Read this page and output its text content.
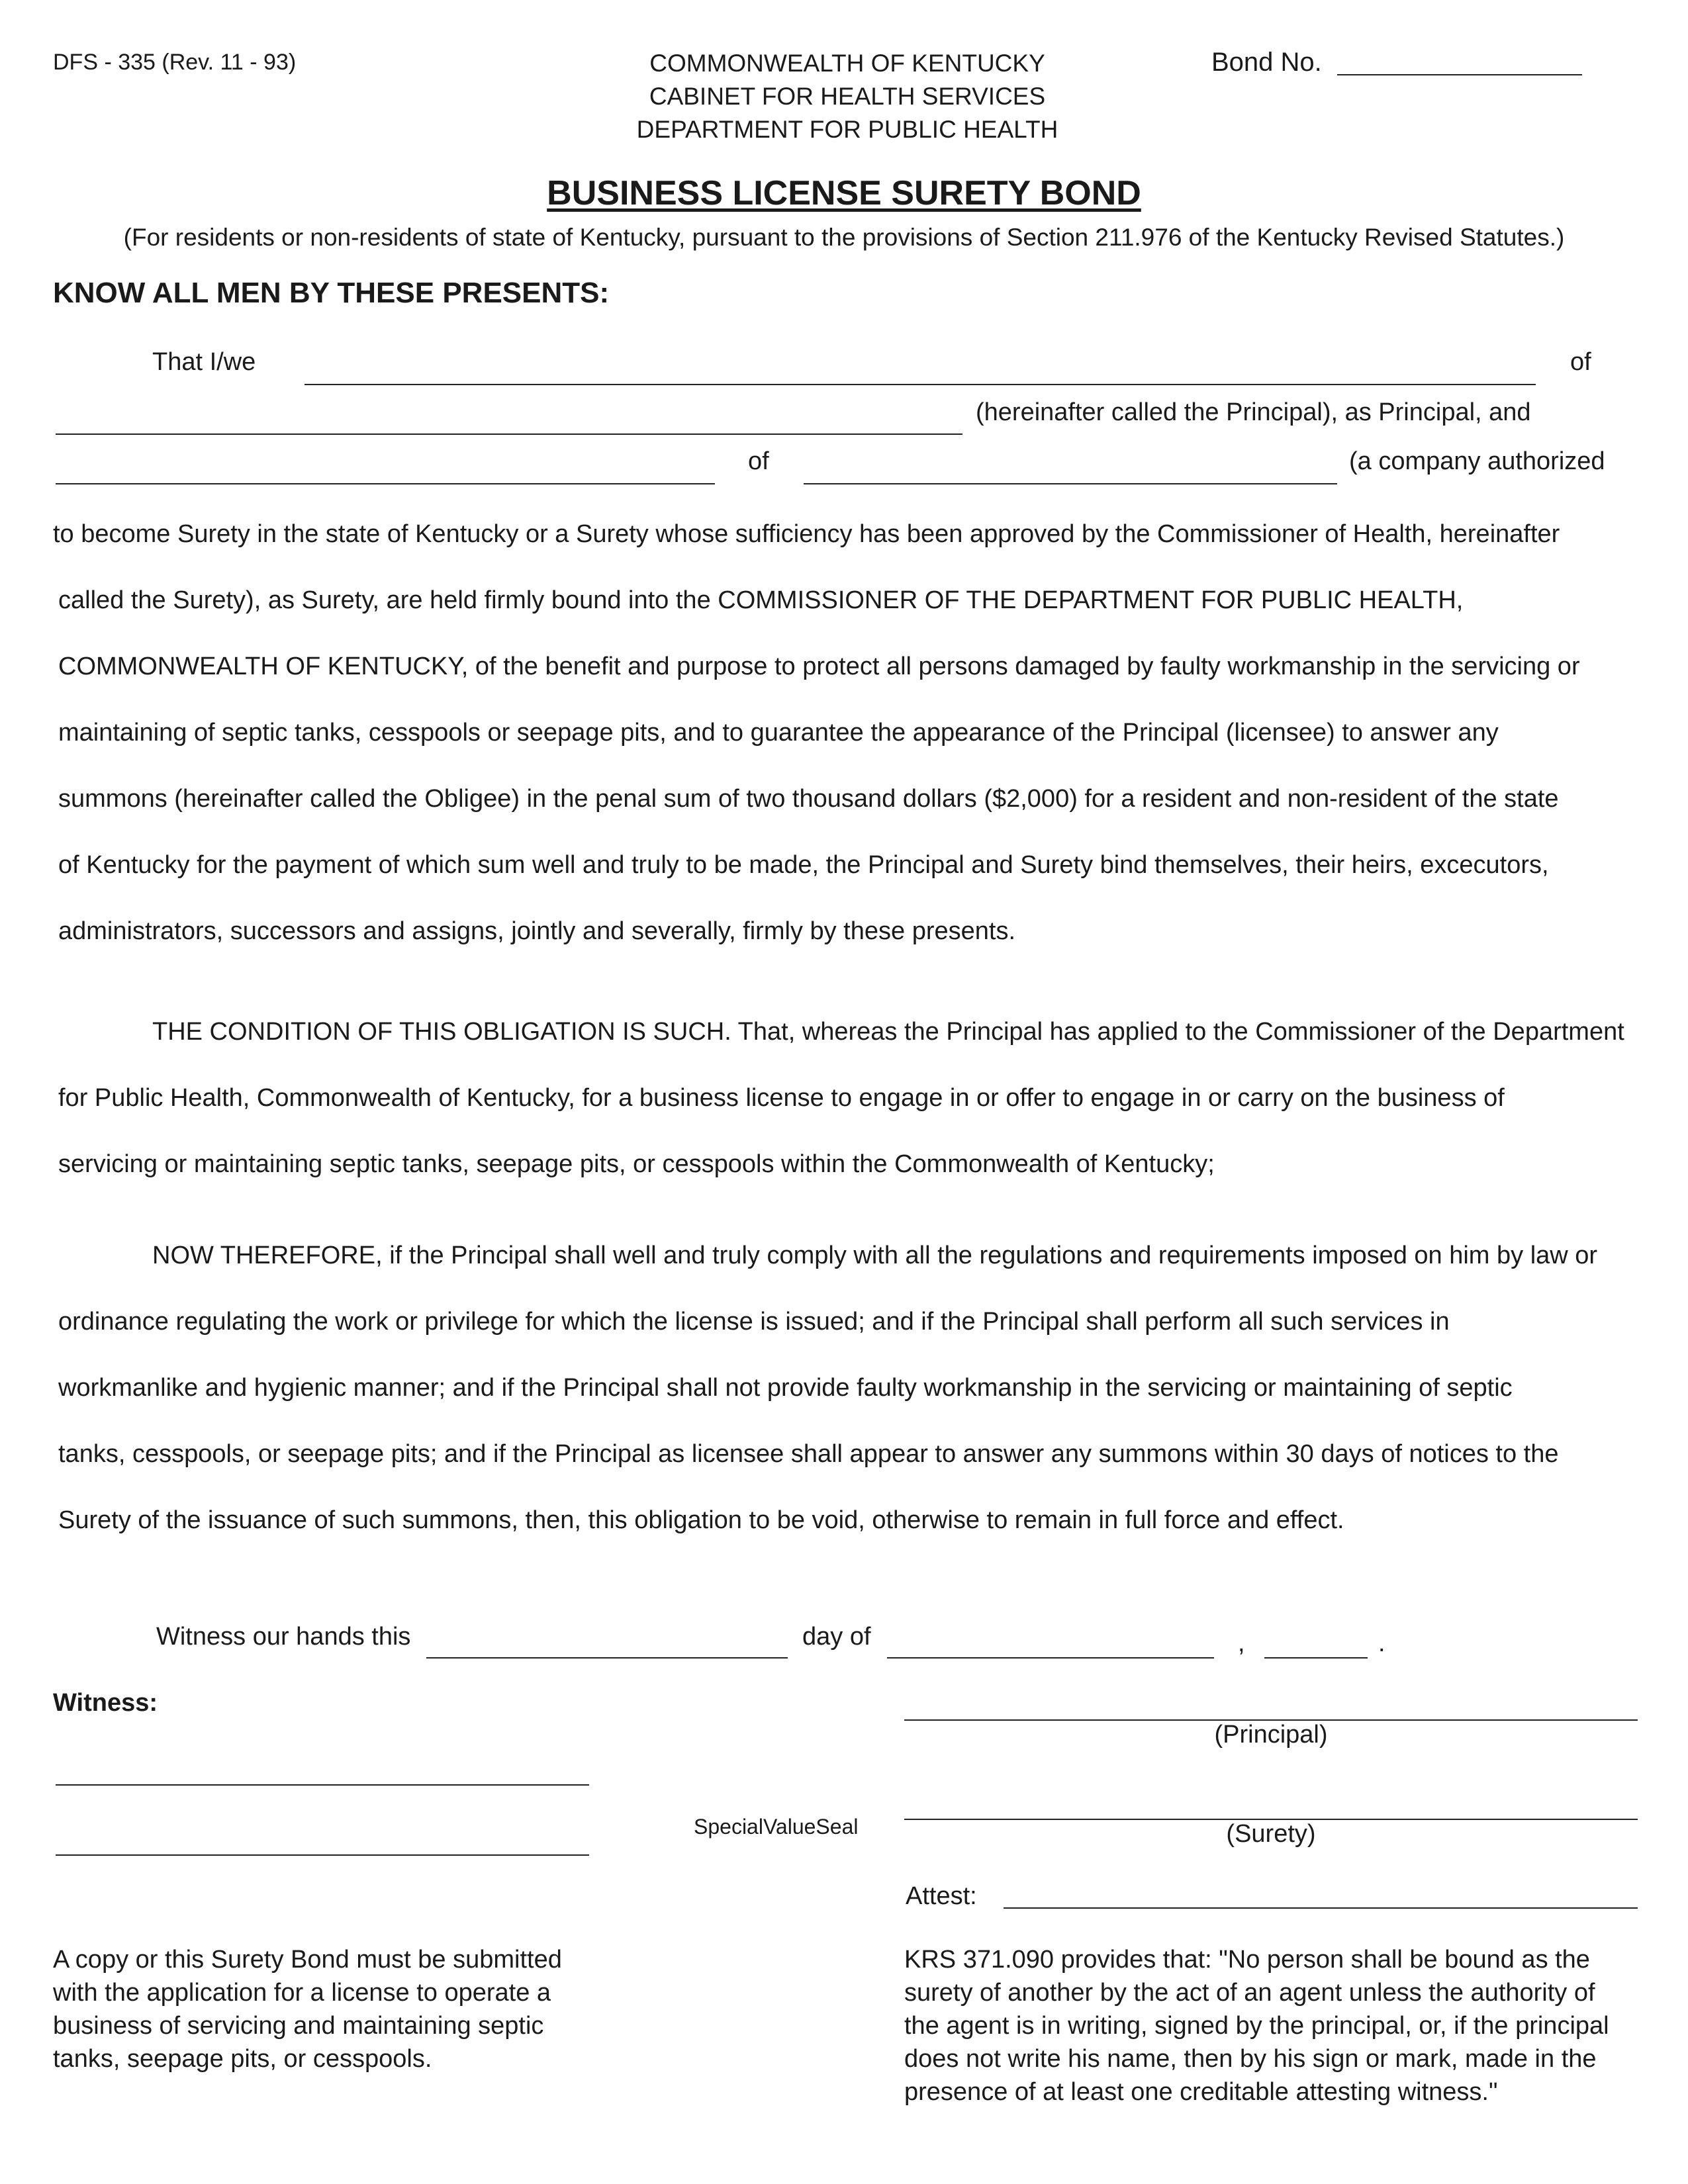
DFS - 335 (Rev. 11 - 93)	COMMONWEALTH OF KENTUCKY
CABINET FOR HEALTH SERVICES
DEPARTMENT FOR PUBLIC HEALTH
Bond No.
BUSINESS LICENSE SURETY BOND
(For residents or non-residents of state of Kentucky, pursuant to the provisions of Section 211.976 of the Kentucky Revised Statutes.)
KNOW ALL MEN BY THESE PRESENTS:
That I/we	of
(hereinafter called the Principal), as Principal, and
of	(a company authorized
to become Surety in the state of Kentucky or a Surety whose sufficiency has been approved by the Commissioner of Health, hereinafter
called the Surety), as Surety, are held firmly bound into the COMMISSIONER OF THE DEPARTMENT FOR PUBLIC HEALTH,
COMMONWEALTH OF KENTUCKY, of the benefit and purpose to protect all persons damaged by faulty workmanship in the servicing or
maintaining of septic tanks, cesspools or seepage pits, and to guarantee the appearance of the Principal (licensee) to answer any
summons (hereinafter called the Obligee) in the penal sum of two thousand dollars ($2,000) for a resident and non-resident of the state
of Kentucky for the payment of which sum well and truly to be made, the Principal and Surety bind themselves, their heirs, excecutors,
administrators, successors and assigns, jointly and severally, firmly by these presents.
THE CONDITION OF THIS OBLIGATION IS SUCH. That, whereas the Principal has applied to the Commissioner of the Department
for Public Health, Commonwealth of Kentucky, for a business license to engage in or offer to engage in or carry on the business of
servicing or maintaining septic tanks, seepage pits, or cesspools within the Commonwealth of Kentucky;
NOW THEREFORE, if the Principal shall well and truly comply with all the regulations and requirements imposed on him by law or
ordinance regulating the work or privilege for which the license is issued; and if the Principal shall perform all such services in
workmanlike and hygienic manner; and if the Principal shall not provide faulty workmanship in the servicing or maintaining of septic
tanks, cesspools, or seepage pits; and if the Principal as licensee shall appear to answer any summons within 30 days of notices to the
Surety of the issuance of such summons, then, this obligation to be void, otherwise to remain in full force and effect.
Witness our hands this	day of	,	.
Witness:
(Principal)
SpecialValueSeal	(Surety)
Attest:
A copy or this Surety Bond must be submitted
with the application for a license to operate a
business of servicing and maintaining septic
tanks, seepage pits, or cesspools.
KRS 371.090 provides that: "No person shall be bound as the
surety of another by the act of an agent unless the authority of
the agent is in writing, signed by the principal, or, if the principal
does not write his name, then by his sign or mark, made in the
presence of at least one creditable attesting witness."
